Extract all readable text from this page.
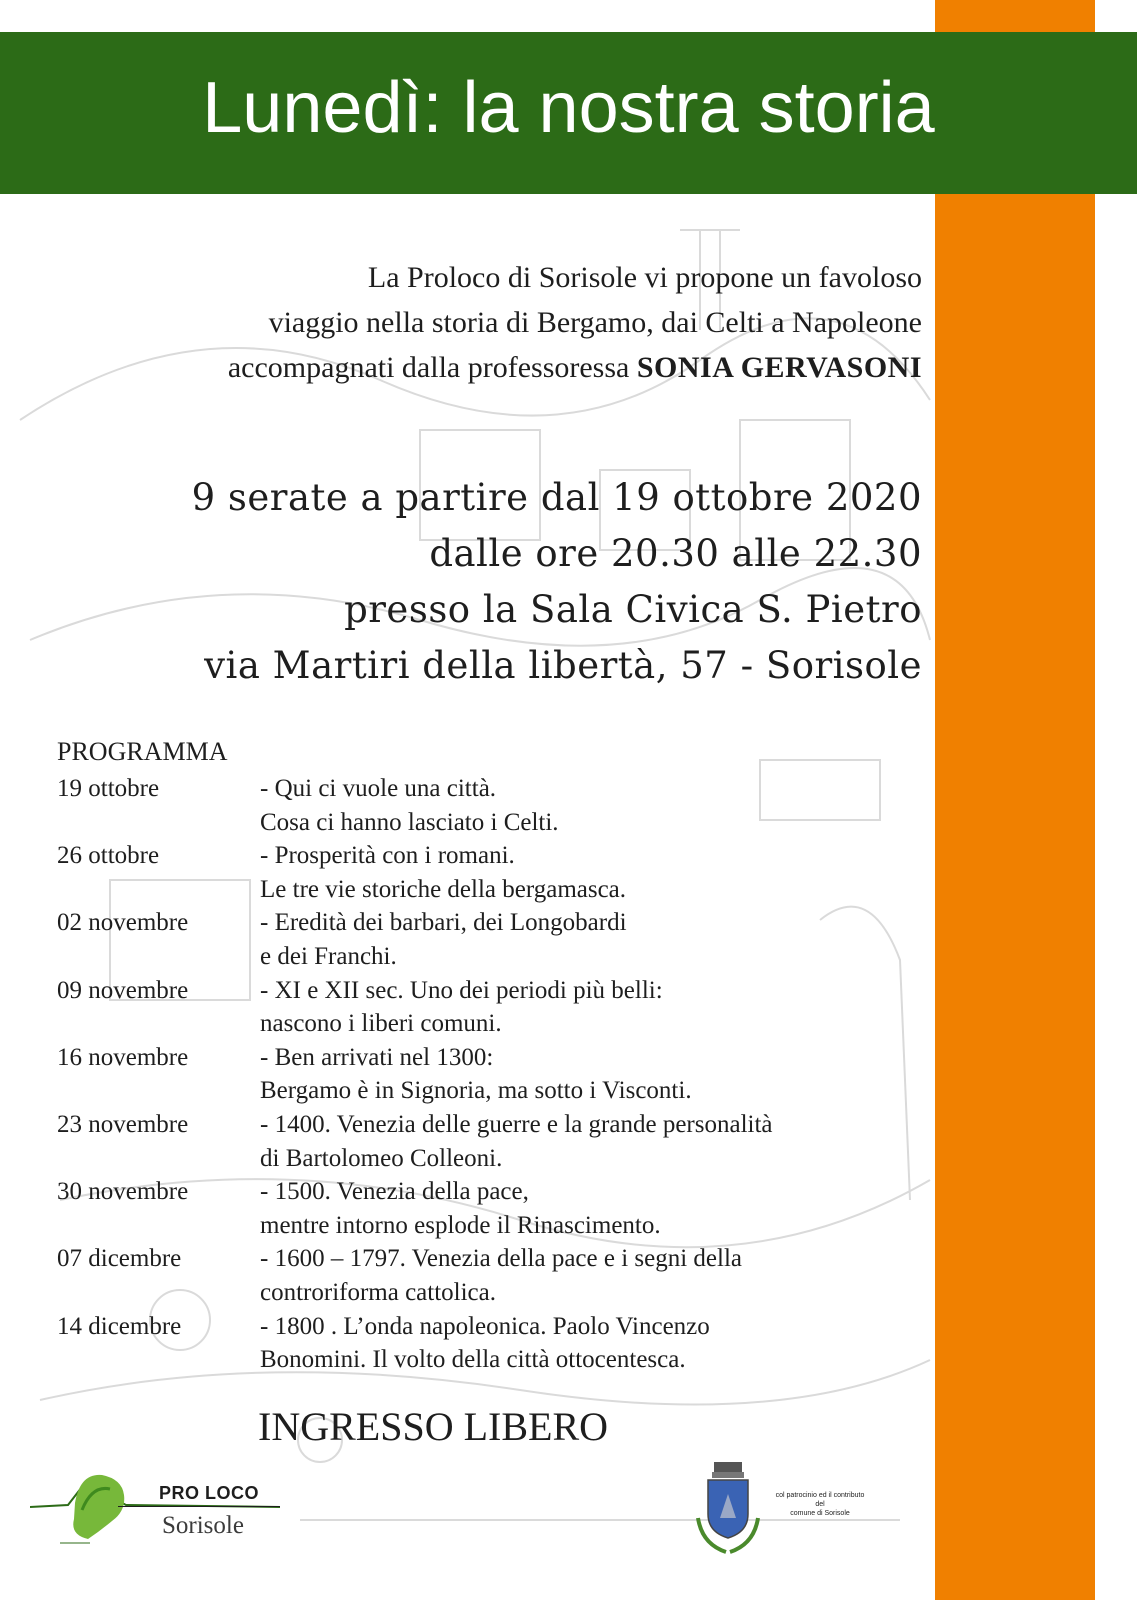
Lunedì: la nostra storia
La Proloco di Sorisole vi propone un favoloso
viaggio nella storia di Bergamo, dai Celti a Napoleone
accompagnati dalla professoressa SONIA GERVASONI
9 serate a partire dal 19 ottobre 2020
dalle ore 20.30 alle 22.30
presso la Sala Civica S. Pietro
via Martiri della libertà, 57 - Sorisole
PROGRAMMA
19 ottobre	- Qui ci vuole una città.
Cosa ci hanno lasciato i Celti.
26 ottobre	- Prosperità con i romani.
Le tre vie storiche della bergamasca.
02 novembre	- Eredità dei barbari, dei Longobardi
e dei Franchi.
09 novembre	- XI e XII sec. Uno dei periodi più belli:
nascono i liberi comuni.
16 novembre	- Ben arrivati nel 1300:
Bergamo è in Signoria, ma sotto i Visconti.
23 novembre	- 1400. Venezia delle guerre e la grande personalità
di Bartolomeo Colleoni.
30 novembre	- 1500. Venezia della pace,
mentre intorno esplode il Rinascimento.
07 dicembre	- 1600 – 1797. Venezia della pace e i segni della
controriforma cattolica.
14 dicembre	- 1800 . L’onda napoleonica. Paolo Vincenzo
Bonomini. Il volto della città ottocentesca.
INGRESSO LIBERO
PRO LOCO
Sorisole
col patrocinio ed il contributo
del
comune di Sorisole
